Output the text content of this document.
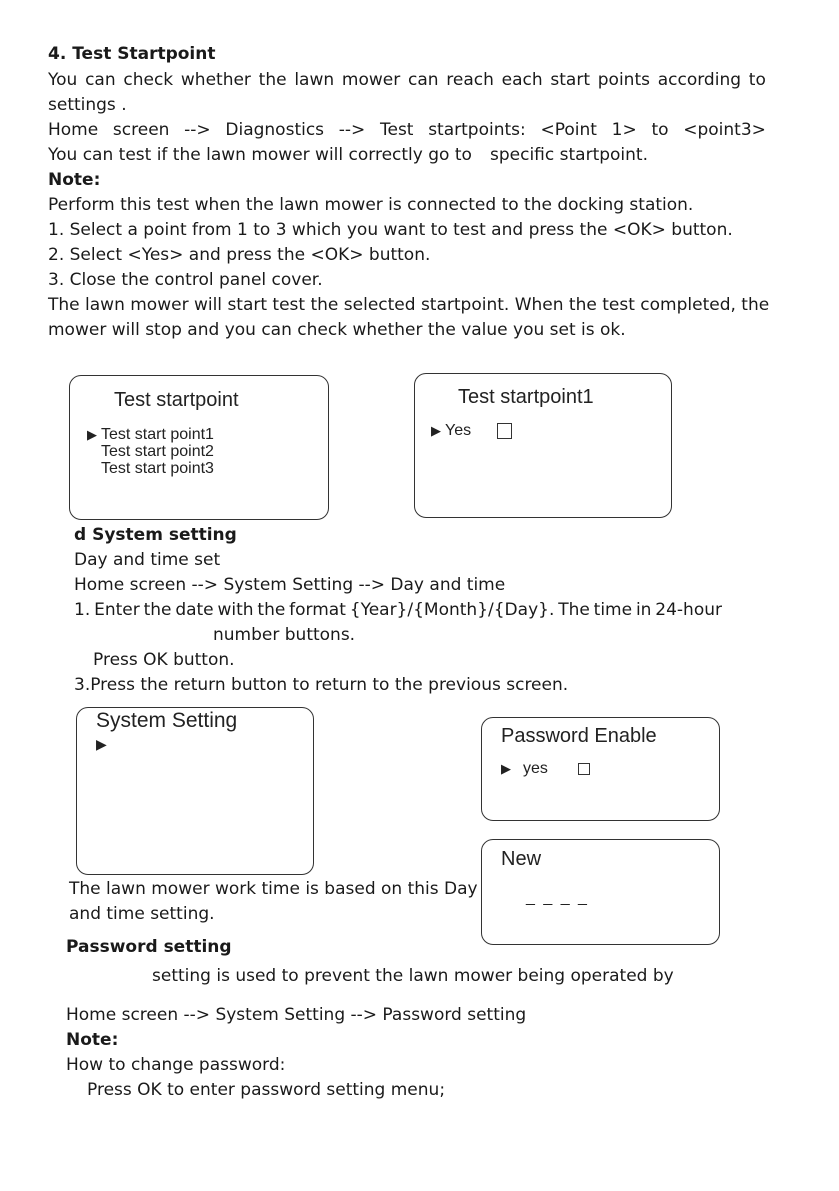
4. Test Startpoint
You can check whether the lawn mower can reach each start points according to
settings .
Home screen --> Diagnostics --> Test startpoints: <Point 1> to <point3>
You can test if the lawn mower will correctly go to specific startpoint.
Note:
Perform this test when the lawn mower is connected to the docking station.
1. Select a point from 1 to 3 which you want to test and press the <OK> button.
2. Select <Yes> and press the <OK> button.
3. Close the control panel cover.
The lawn mower will start test the selected startpoint. When the test completed, the
mower will stop and you can check whether the value you set is ok.
Test startpoint
▶ Test start point1
Test start point2
Test start point3
Test startpoint1
▶ Yes
d System setting
Day and time set
Home screen --> System Setting --> Day and time
1. Enter the date with the format {Year}/{Month}/{Day}. The time in 24-hour
number buttons.
Press OK button.
3.Press the return button to return to the previous screen.
System Setting
▶	Password Enable
▶ yes
New
_ _ _ _
The lawn mower work time is based on this Day
and time setting.
Password setting
setting is used to prevent the lawn mower being operated by
Home screen --> System Setting --> Password setting
Note:
How to change password:
Press OK to enter password setting menu;
